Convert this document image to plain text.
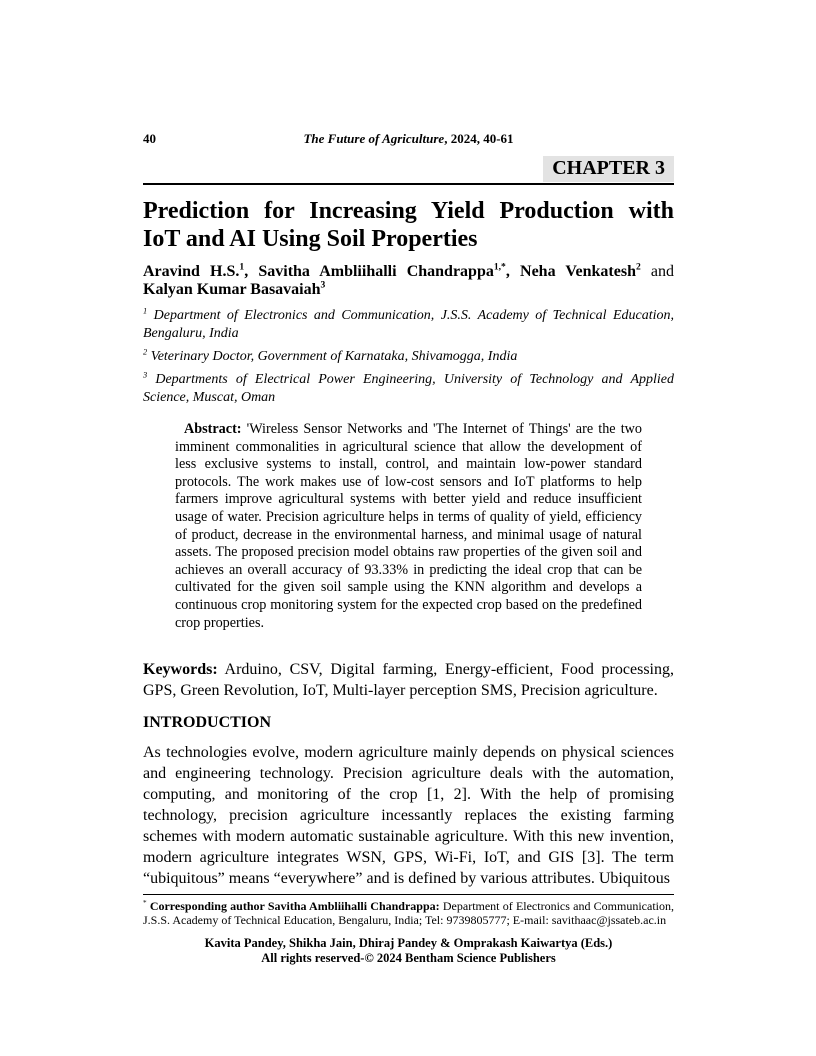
40	The Future of Agriculture, 2024, 40-61
CHAPTER 3
Prediction for Increasing Yield Production with
IoT and AI Using Soil Properties
Aravind H.S.$^1$, Savitha Ambliihalli Chandrappa$^{1,*}$, Neha Venkatesh$^2$ and
Kalyan Kumar Basavaiah$^3$
$^1$ Department of Electronics and Communication, J.S.S. Academy of Technical Education, Bengaluru, India
$^2$ Veterinary Doctor, Government of Karnataka, Shivamogga, India
$^3$ Departments of Electrical Power Engineering, University of Technology and Applied Science, Muscat, Oman

Abstract: 'Wireless Sensor Networks and 'The Internet of Things' are the two imminent commonalities in agricultural science that allow the development of less exclusive systems to install, control, and maintain low-power standard protocols. The work makes use of low-cost sensors and IoT platforms to help farmers improve agricultural systems with better yield and reduce insufficient usage of water. Precision agriculture helps in terms of quality of yield, efficiency of product, decrease in the environmental harness, and minimal usage of natural assets. The proposed precision model obtains raw properties of the given soil and achieves an overall accuracy of 93.33% in predicting the ideal crop that can be cultivated for the given soil sample using the KNN algorithm and develops a continuous crop monitoring system for the expected crop based on the predefined crop properties.

Keywords: Arduino, CSV, Digital farming, Energy-efficient, Food processing, GPS, Green Revolution, IoT, Multi-layer perception SMS, Precision agriculture.

INTRODUCTION

As technologies evolve, modern agriculture mainly depends on physical sciences and engineering technology. Precision agriculture deals with the automation, computing, and monitoring of the crop [1, 2]. With the help of promising technology, precision agriculture incessantly replaces the existing farming schemes with modern automatic sustainable agriculture. With this new invention, modern agriculture integrates WSN, GPS, Wi-Fi, IoT, and GIS [3]. The term “ubiquitous” means “everywhere” and is defined by various attributes. Ubiquitous

* Corresponding author Savitha Ambliihalli Chandrappa: Department of Electronics and Communication, J.S.S. Academy of Technical Education, Bengaluru, India; Tel: 9739805777; E-mail: savithaac@jssateb.ac.in

Kavita Pandey, Shikha Jain, Dhiraj Pandey & Omprakash Kaiwartya (Eds.)
All rights reserved-© 2024 Bentham Science Publishers
